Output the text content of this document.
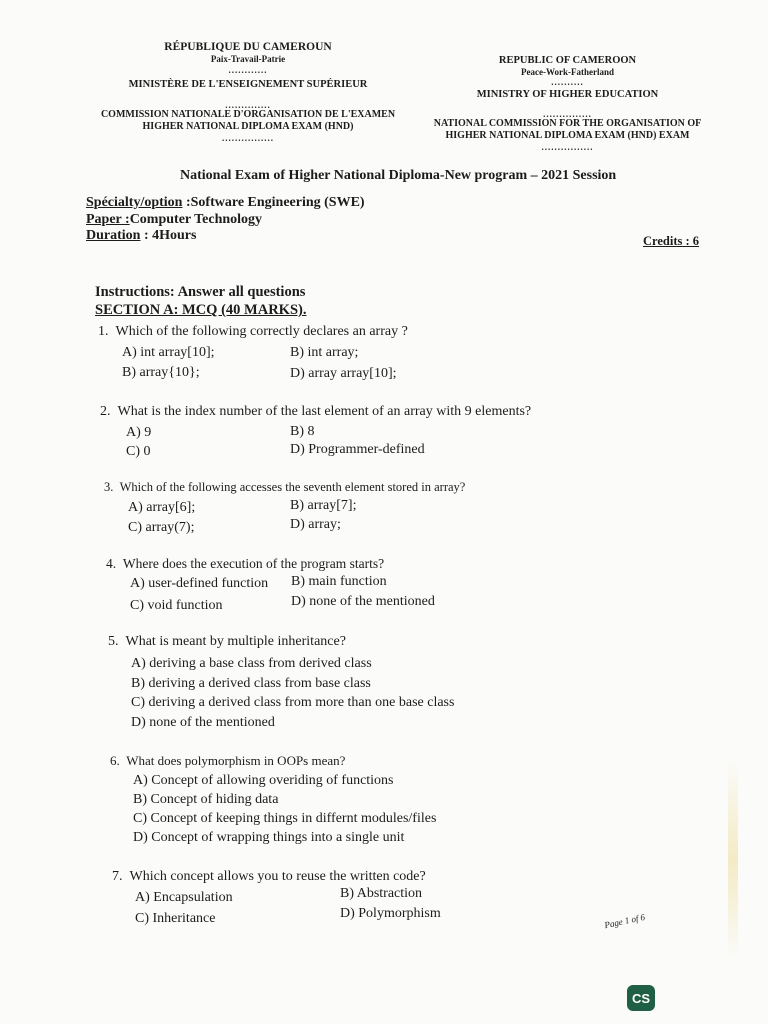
RÉPUBLIQUE DU CAMEROUN
Paix-Travail-Patrie
............
MINISTÈRE DE L'ENSEIGNEMENT SUPÉRIEUR
..............
COMMISSION NATIONALE D'ORGANISATION DE L'EXAMEN
HIGHER NATIONAL DIPLOMA EXAM (HND)
................
REPUBLIC OF CAMEROON
Peace-Work-Fatherland
..........
MINISTRY OF HIGHER EDUCATION
...............
NATIONAL COMMISSION FOR THE ORGANISATION OF
HIGHER NATIONAL DIPLOMA EXAM (HND) EXAM
................
National Exam of Higher National Diploma-New program – 2021 Session
Spécialty/option :Software Engineering (SWE)
Paper :Computer Technology
Duration : 4Hours	Credits : 6
Instructions: Answer all questions
SECTION A: MCQ (40 MARKS).
1. Which of the following correctly declares an array ?
A) int array[10];	B) int array;
B) array{10};	D) array array[10];
2. What is the index number of the last element of an array with 9 elements?
A) 9	B) 8
C) 0	D) Programmer-defined
3. Which of the following accesses the seventh element stored in array?
A) array[6];	B) array[7];
C) array(7);	D) array;
4. Where does the execution of the program starts?
A) user-defined function B) main function
C) void function	D) none of the mentioned
5. What is meant by multiple inheritance?
A) deriving a base class from derived class
B) deriving a derived class from base class
C) deriving a derived class from more than one base class
D) none of the mentioned
6. What does polymorphism in OOPs mean?
A) Concept of allowing overiding of functions
B) Concept of hiding data
C) Concept of keeping things in differnt modules/files
D) Concept of wrapping things into a single unit
7. Which concept allows you to reuse the written code?
A) Encapsulation	B) Abstraction
C) Inheritance	D) Polymorphism	Page 1 of 6
CS
